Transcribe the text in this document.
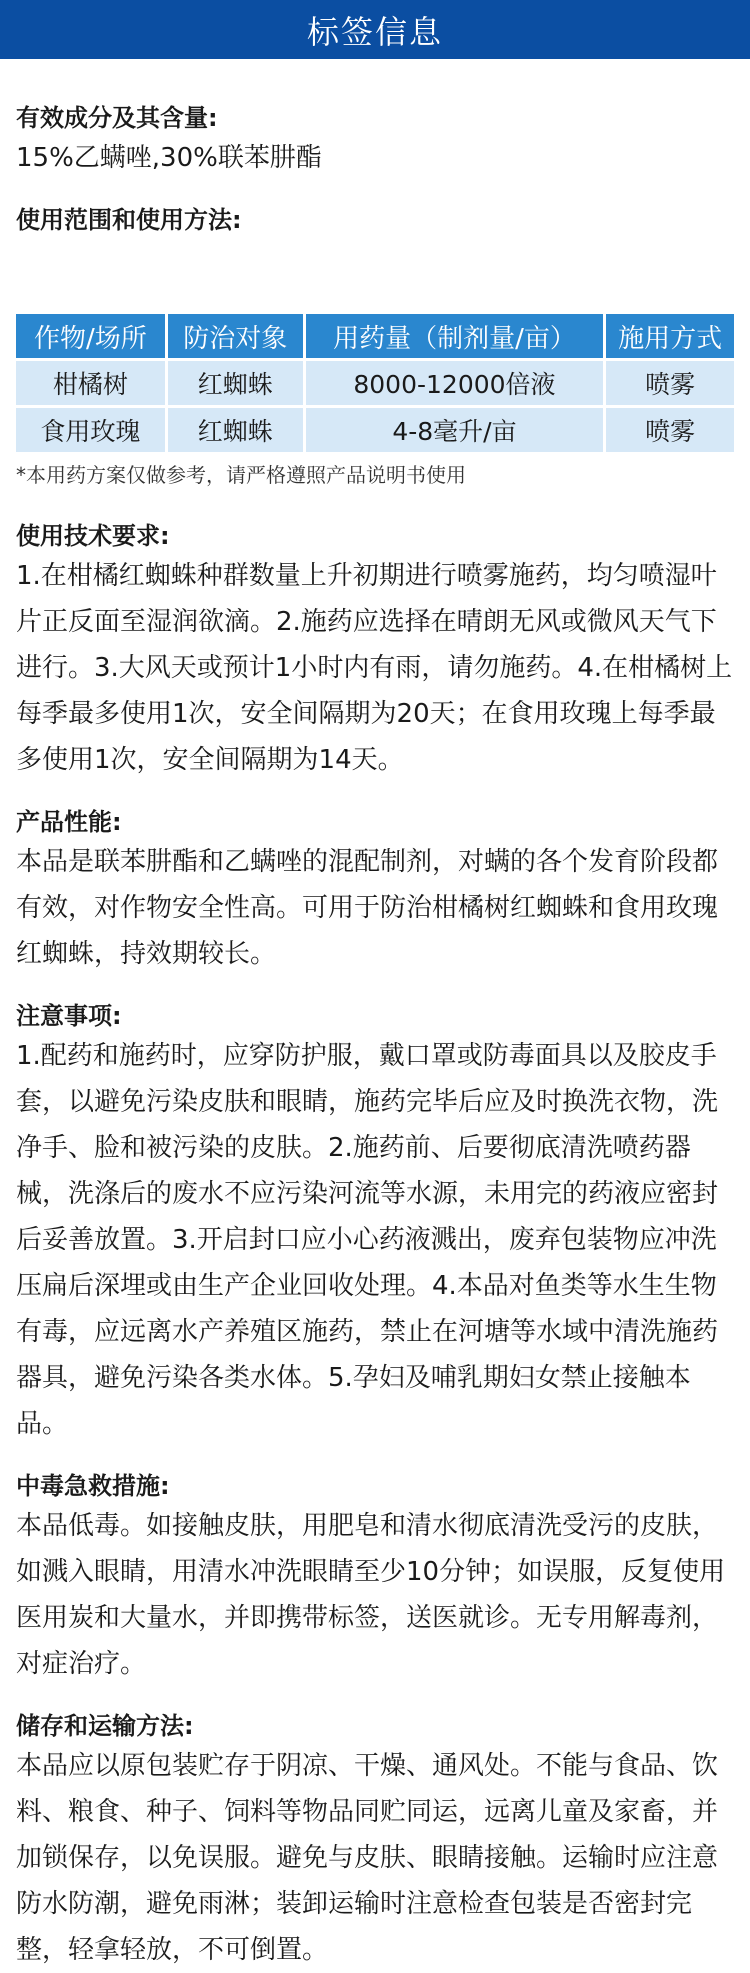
标签信息
有效成分及其含量:

15%乙螨唑,30%联苯肼酯

使用范围和使用方法:
作物/场所	防治对象	用药量（制剂量/亩）	施用方式
柑橘树	红蜘蛛	8000-12000倍液	喷雾
食用玫瑰	红蜘蛛	4-8毫升/亩	喷雾
*本用药方案仅做参考，请严格遵照产品说明书使用
使用技术要求:

1.在柑橘红蜘蛛种群数量上升初期进行喷雾施药，均匀喷湿叶片正反面至湿润欲滴。2.施药应选择在晴朗无风或微风天气下进行。3.大风天或预计1小时内有雨，请勿施药。4.在柑橘树上每季最多使用1次，安全间隔期为20天；在食用玫瑰上每季最多使用1次，安全间隔期为14天。

产品性能:

本品是联苯肼酯和乙螨唑的混配制剂，对螨的各个发育阶段都有效，对作物安全性高。可用于防治柑橘树红蜘蛛和食用玫瑰红蜘蛛，持效期较长。

注意事项:

1.配药和施药时，应穿防护服，戴口罩或防毒面具以及胶皮手套，以避免污染皮肤和眼睛，施药完毕后应及时换洗衣物，洗净手、脸和被污染的皮肤。2.施药前、后要彻底清洗喷药器械，洗涤后的废水不应污染河流等水源，未用完的药液应密封后妥善放置。3.开启封口应小心药液溅出，废弃包装物应冲洗压扁后深埋或由生产企业回收处理。4.本品对鱼类等水生生物有毒，应远离水产养殖区施药，禁止在河塘等水域中清洗施药器具，避免污染各类水体。5.孕妇及哺乳期妇女禁止接触本品。

中毒急救措施:

本品低毒。如接触皮肤，用肥皂和清水彻底清洗受污的皮肤，如溅入眼睛，用清水冲洗眼睛至少10分钟；如误服，反复使用医用炭和大量水，并即携带标签，送医就诊。无专用解毒剂，对症治疗。

储存和运输方法:

本品应以原包装贮存于阴凉、干燥、通风处。不能与食品、饮料、粮食、种子、饲料等物品同贮同运，远离儿童及家畜，并加锁保存，以免误服。避免与皮肤、眼睛接触。运输时应注意防水防潮，避免雨淋；装卸运输时注意检查包装是否密封完整，轻拿轻放，不可倒置。
